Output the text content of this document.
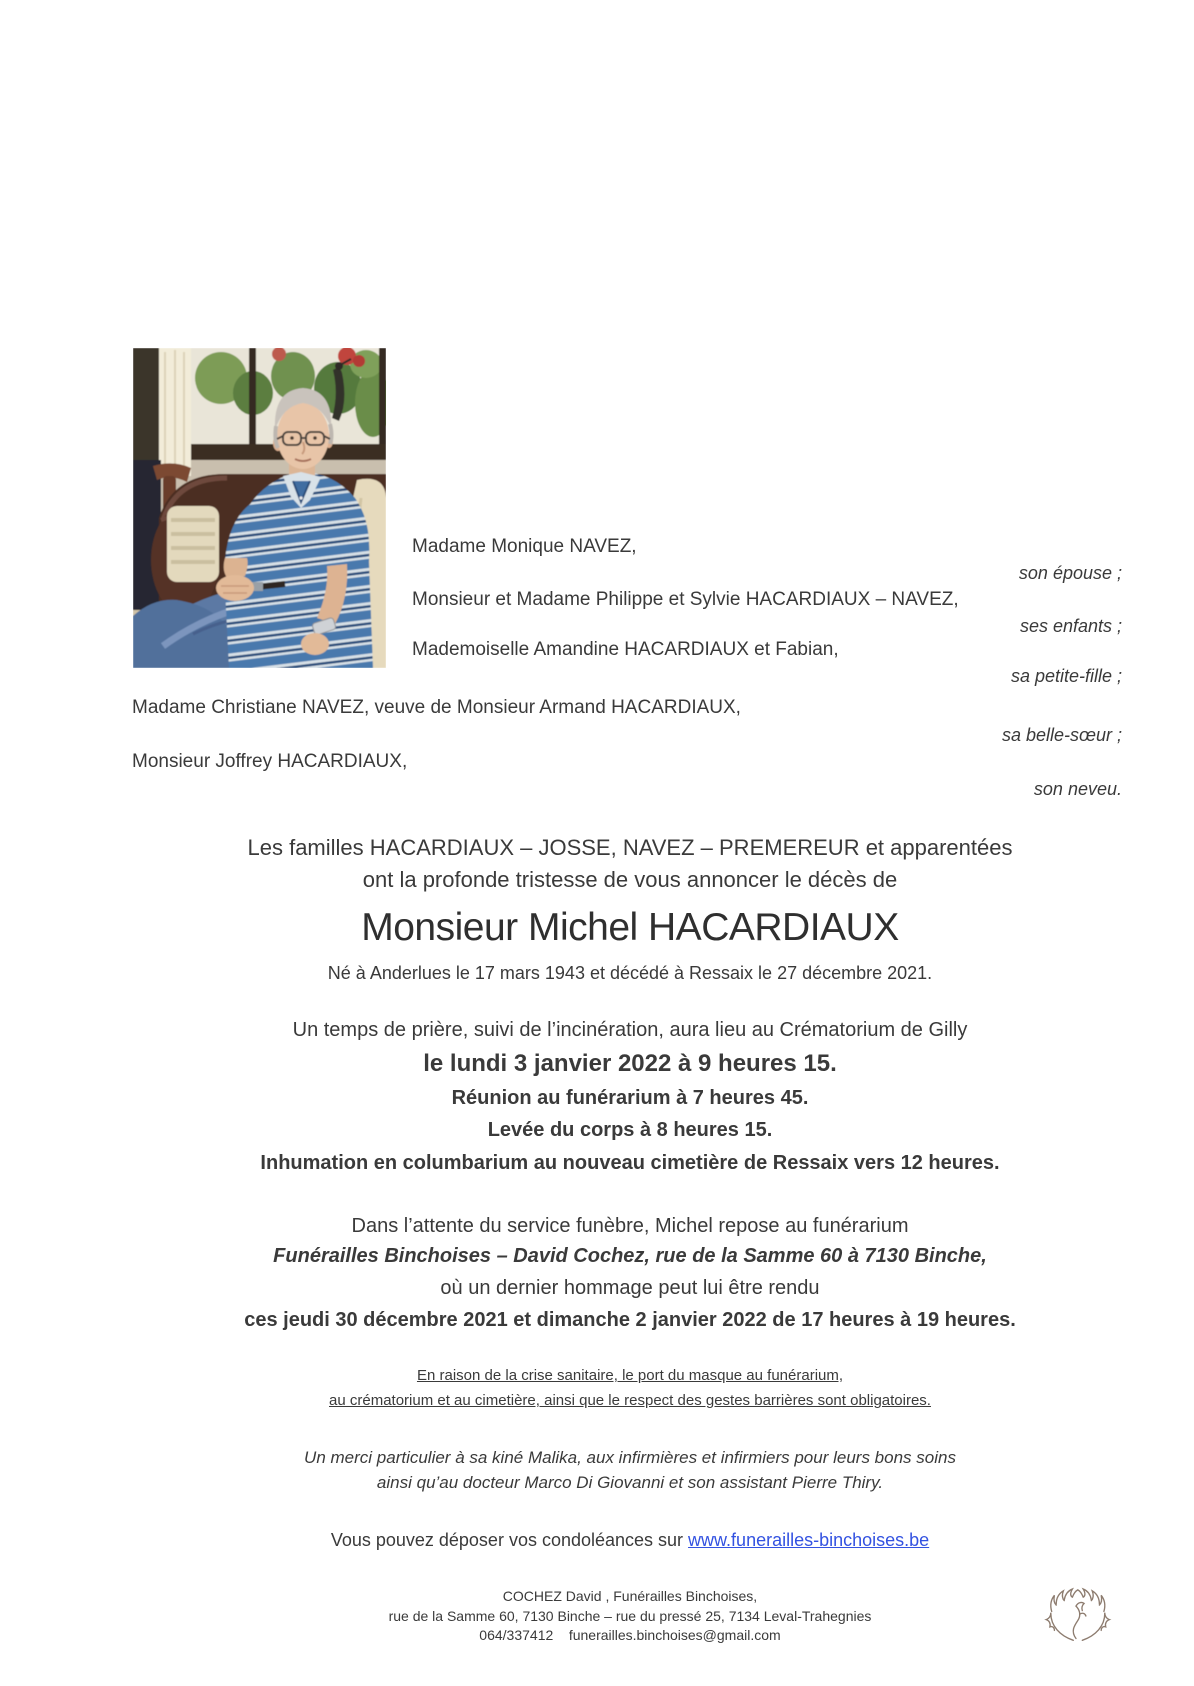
Madame Monique NAVEZ,
son épouse ;
Monsieur et Madame Philippe et Sylvie HACARDIAUX – NAVEZ,
ses enfants ;
Mademoiselle Amandine HACARDIAUX et Fabian,
sa petite-fille ;
Madame Christiane NAVEZ, veuve de Monsieur Armand HACARDIAUX,
sa belle-sœur ;
Monsieur Joffrey HACARDIAUX,
son neveu.
Les familles HACARDIAUX – JOSSE, NAVEZ – PREMEREUR et apparentées
ont la profonde tristesse de vous annoncer le décès de
Monsieur Michel HACARDIAUX
Né à Anderlues le 17 mars 1943 et décédé à Ressaix le 27 décembre 2021.
Un temps de prière, suivi de l’incinération, aura lieu au Crématorium de Gilly
le lundi 3 janvier 2022 à 9 heures 15.
Réunion au funérarium à 7 heures 45.
Levée du corps à 8 heures 15.
Inhumation en columbarium au nouveau cimetière de Ressaix vers 12 heures.
Dans l’attente du service funèbre, Michel repose au funérarium
Funérailles Binchoises – David Cochez, rue de la Samme 60 à 7130 Binche,
où un dernier hommage peut lui être rendu
ces jeudi 30 décembre 2021 et dimanche 2 janvier 2022 de 17 heures à 19 heures.
En raison de la crise sanitaire, le port du masque au funérarium,
au crématorium et au cimetière, ainsi que le respect des gestes barrières sont obligatoires.
Un merci particulier à sa kiné Malika, aux infirmières et infirmiers pour leurs bons soins
ainsi qu’au docteur Marco Di Giovanni et son assistant Pierre Thiry.
Vous pouvez déposer vos condoléances sur www.funerailles-binchoises.be
COCHEZ David , Funérailles Binchoises,
rue de la Samme 60, 7130 Binche – rue du pressé 25, 7134 Leval-Trahegnies
064/337412    funerailles.binchoises@gmail.com
